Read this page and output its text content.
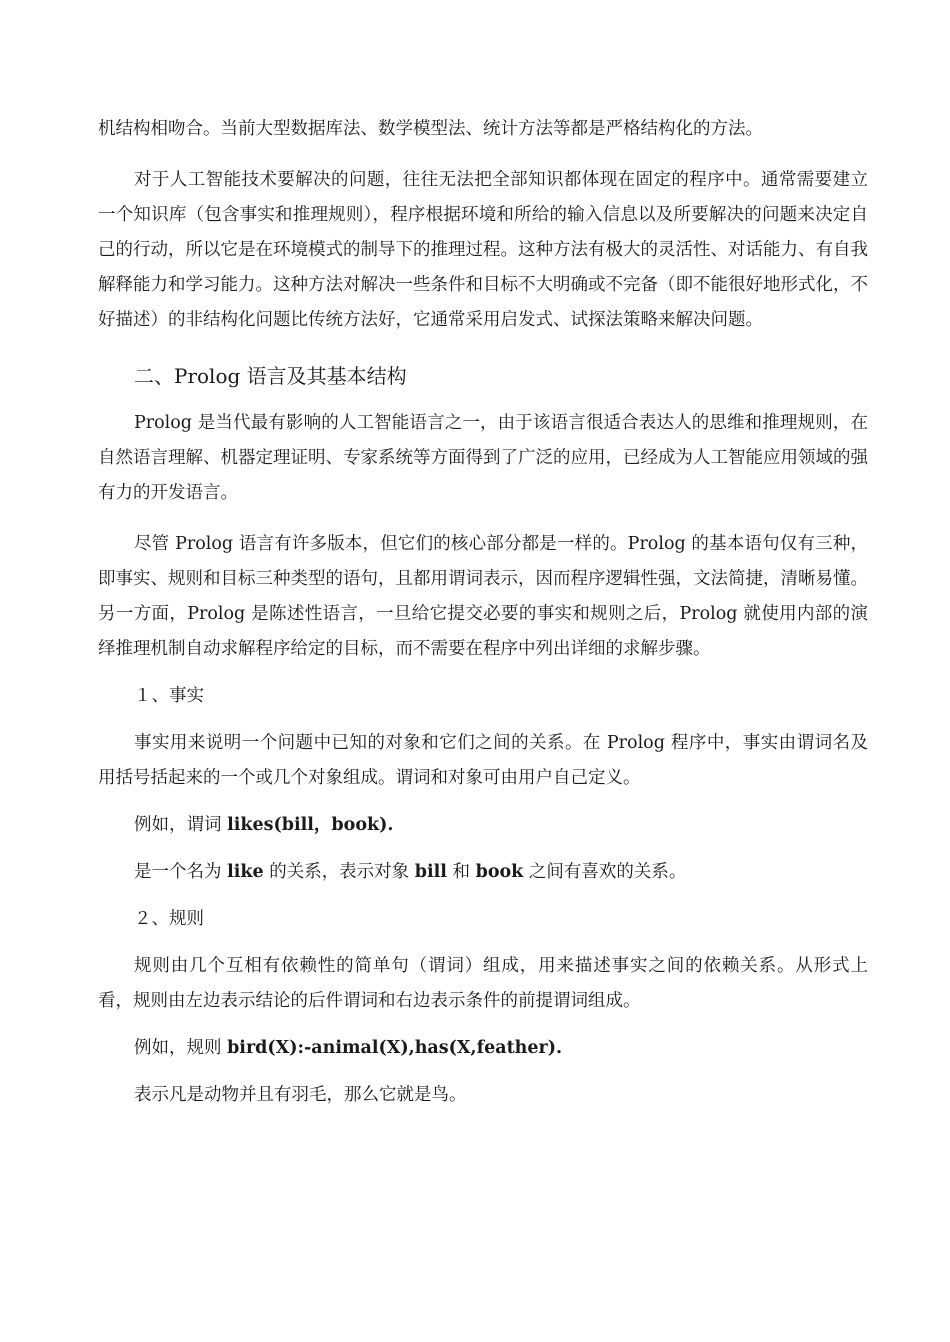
机结构相吻合。当前大型数据库法、数学模型法、统计方法等都是严格结构化的方法。

对于人工智能技术要解决的问题，往往无法把全部知识都体现在固定的程序中。通常需要建立一个知识库（包含事实和推理规则），程序根据环境和所给的输入信息以及所要解决的问题来决定自己的行动，所以它是在环境模式的制导下的推理过程。这种方法有极大的灵活性、对话能力、有自我解释能力和学习能力。这种方法对解决一些条件和目标不大明确或不完备（即不能很好地形式化，不好描述）的非结构化问题比传统方法好，它通常采用启发式、试探法策略来解决问题。

二、Prolog 语言及其基本结构

Prolog 是当代最有影响的人工智能语言之一，由于该语言很适合表达人的思维和推理规则，在自然语言理解、机器定理证明、专家系统等方面得到了广泛的应用，已经成为人工智能应用领域的强有力的开发语言。

尽管 Prolog 语言有许多版本，但它们的核心部分都是一样的。Prolog 的基本语句仅有三种，即事实、规则和目标三种类型的语句，且都用谓词表示，因而程序逻辑性强，文法简捷，清晰易懂。另一方面，Prolog 是陈述性语言，一旦给它提交必要的事实和规则之后，Prolog 就使用内部的演绎推理机制自动求解程序给定的目标，而不需要在程序中列出详细的求解步骤。

１、事实

事实用来说明一个问题中已知的对象和它们之间的关系。在 Prolog 程序中，事实由谓词名及用括号括起来的一个或几个对象组成。谓词和对象可由用户自己定义。

例如，谓词 likes(bill，book).

是一个名为 like 的关系，表示对象 bill 和 book 之间有喜欢的关系。

２、规则

规则由几个互相有依赖性的简单句（谓词）组成，用来描述事实之间的依赖关系。从形式上看，规则由左边表示结论的后件谓词和右边表示条件的前提谓词组成。

例如，规则 bird(X):-animal(X),has(X,feather).

表示凡是动物并且有羽毛，那么它就是鸟。
